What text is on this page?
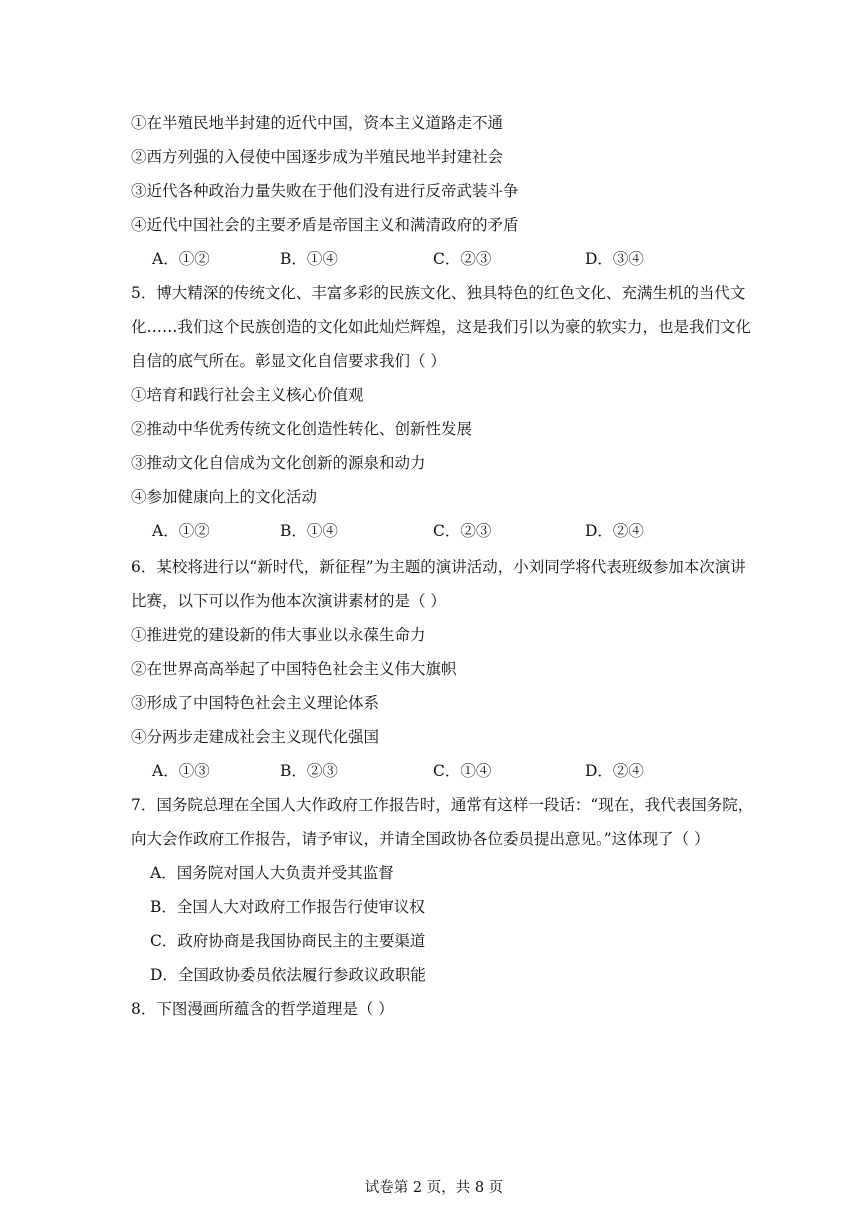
①在半殖民地半封建的近代中国，资本主义道路走不通
②西方列强的入侵使中国逐步成为半殖民地半封建社会
③近代各种政治力量失败在于他们没有进行反帝武装斗争
④近代中国社会的主要矛盾是帝国主义和满清政府的矛盾
A．①②	B．①④	C．②③	D．③④
5．博大精深的传统文化、丰富多彩的民族文化、独具特色的红色文化、充满生机的当代文
化……我们这个民族创造的文化如此灿烂辉煌，这是我们引以为豪的软实力，也是我们文化
自信的底气所在。彰显文化自信要求我们（ ）
①培育和践行社会主义核心价值观
②推动中华优秀传统文化创造性转化、创新性发展
③推动文化自信成为文化创新的源泉和动力
④参加健康向上的文化活动
A．①②	B．①④	C．②③	D．②④
6．某校将进行以“新时代，新征程”为主题的演讲活动，小刘同学将代表班级参加本次演讲
比赛，以下可以作为他本次演讲素材的是（ ）
①推进党的建设新的伟大事业以永葆生命力
②在世界高高举起了中国特色社会主义伟大旗帜
③形成了中国特色社会主义理论体系
④分两步走建成社会主义现代化强国
A．①③	B．②③	C．①④	D．②④
7．国务院总理在全国人大作政府工作报告时，通常有这样一段话：“现在，我代表国务院，
向大会作政府工作报告，请予审议，并请全国政协各位委员提出意见。”这体现了（ ）
A．国务院对国人大负责并受其监督
B．全国人大对政府工作报告行使审议权
C．政府协商是我国协商民主的主要渠道
D．全国政协委员依法履行参政议政职能
8．下图漫画所蕴含的哲学道理是（ ）
试卷第 2 页，共 8 页
